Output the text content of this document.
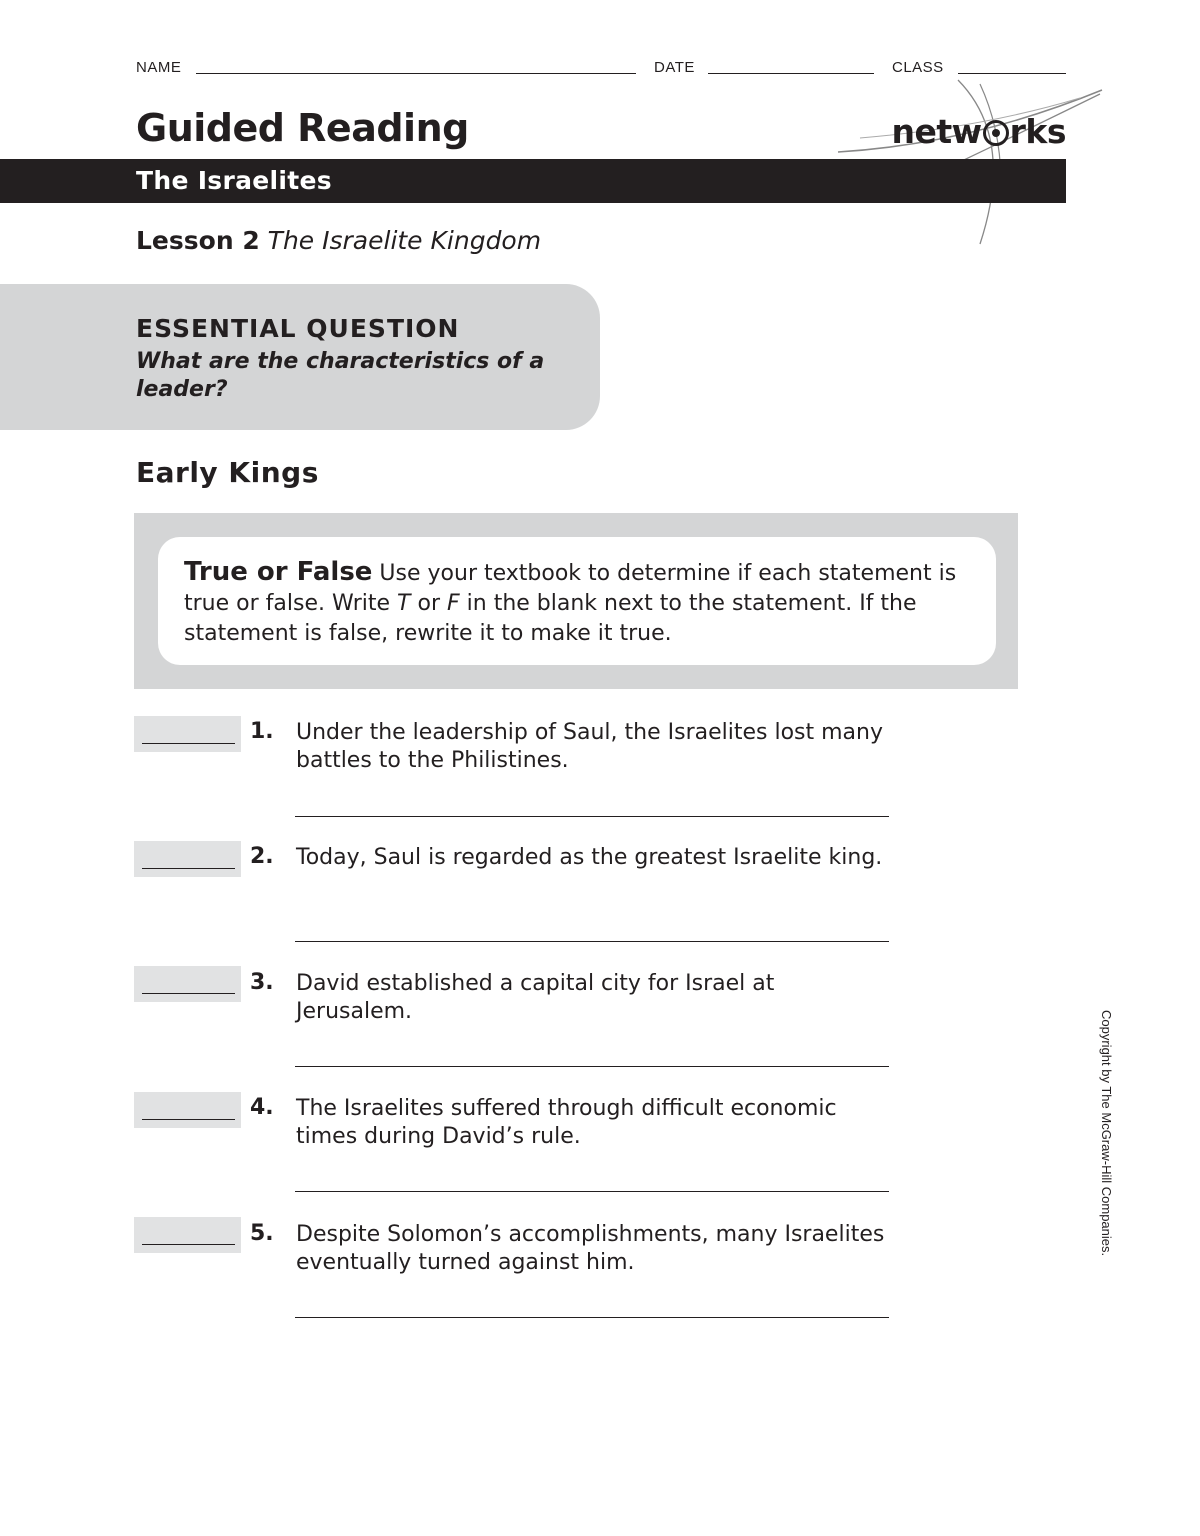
NAME	DATE	CLASS
Guided Reading	netw rks
The Israelites
Lesson 2 The Israelite Kingdom
ESSENTIAL QUESTION
What are the characteristics of a leader?
Early Kings
True or False Use your textbook to determine if each statement is true or false. Write T or F in the blank next to the statement. If the statement is false, rewrite it to make it true.
1. Under the leadership of Saul, the Israelites lost many battles to the Philistines.
2. Today, Saul is regarded as the greatest Israelite king.
3. David established a capital city for Israel at Jerusalem.
4. The Israelites suffered through difficult economic times during David’s rule.
5. Despite Solomon’s accomplishments, many Israelites eventually turned against him.
Copyright by The McGraw-Hill Companies.
